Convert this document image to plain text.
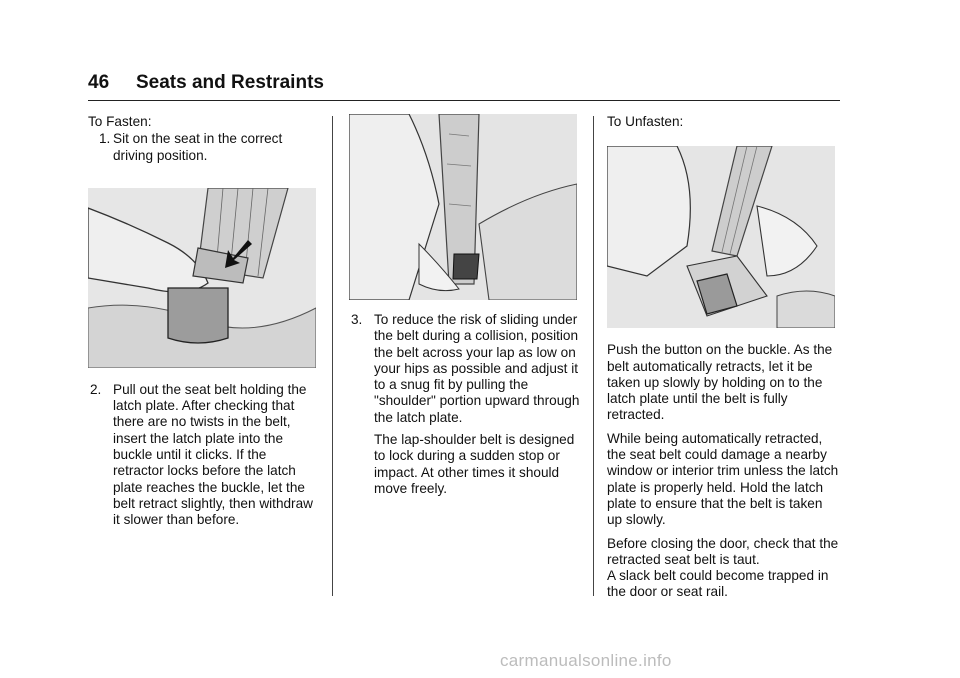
46 Seats and Restraints
To Fasten:
1. Sit on the seat in the correct driving position.
2. Pull out the seat belt holding the latch plate. After checking that there are no twists in the belt, insert the latch plate into the buckle until it clicks. If the retractor locks before the latch plate reaches the buckle, let the belt retract slightly, then withdraw it slower than before.
3. To reduce the risk of sliding under the belt during a collision, position the belt across your lap as low on your hips as possible and adjust it to a snug fit by pulling the "shoulder" portion upward through the latch plate.
The lap-shoulder belt is designed to lock during a sudden stop or impact. At other times it should move freely.
To Unfasten:

Push the button on the buckle. As the belt automatically retracts, let it be taken up slowly by holding on to the latch plate until the belt is fully retracted.

While being automatically retracted, the seat belt could damage a nearby window or interior trim unless the latch plate is properly held. Hold the latch plate to ensure that the belt is taken up slowly.

Before closing the door, check that the retracted seat belt is taut.
A slack belt could become trapped in the door or seat rail.

carmanualsonline.info
